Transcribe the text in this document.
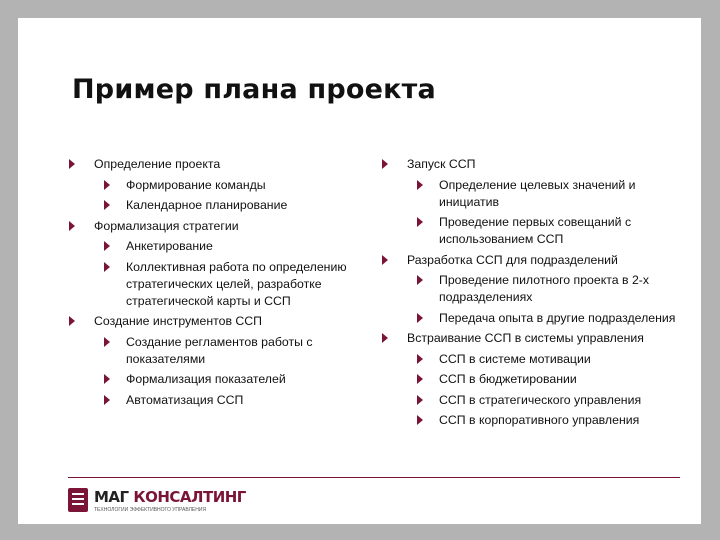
Пример плана проекта
Определение проекта
Формирование команды
Календарное планирование
Формализация стратегии
Анкетирование
Коллективная работа по определению стратегических целей, разработке стратегической карты и ССП
Создание инструментов ССП
Создание регламентов работы с показателями
Формализация показателей
Автоматизация ССП
Запуск ССП
Определение целевых значений и инициатив
Проведение первых совещаний с использованием ССП
Разработка ССП для подразделений
Проведение пилотного проекта в 2-х подразделениях
Передача опыта в другие подразделения
Встраивание ССП в системы управления
ССП в системе мотивации
ССП в бюджетировании
ССП в стратегического управления
ССП в корпоративного управления
МАГ КОНСАЛТИНГ
ТЕХНОЛОГИИ ЭФФЕКТИВНОГО УПРАВЛЕНИЯ
